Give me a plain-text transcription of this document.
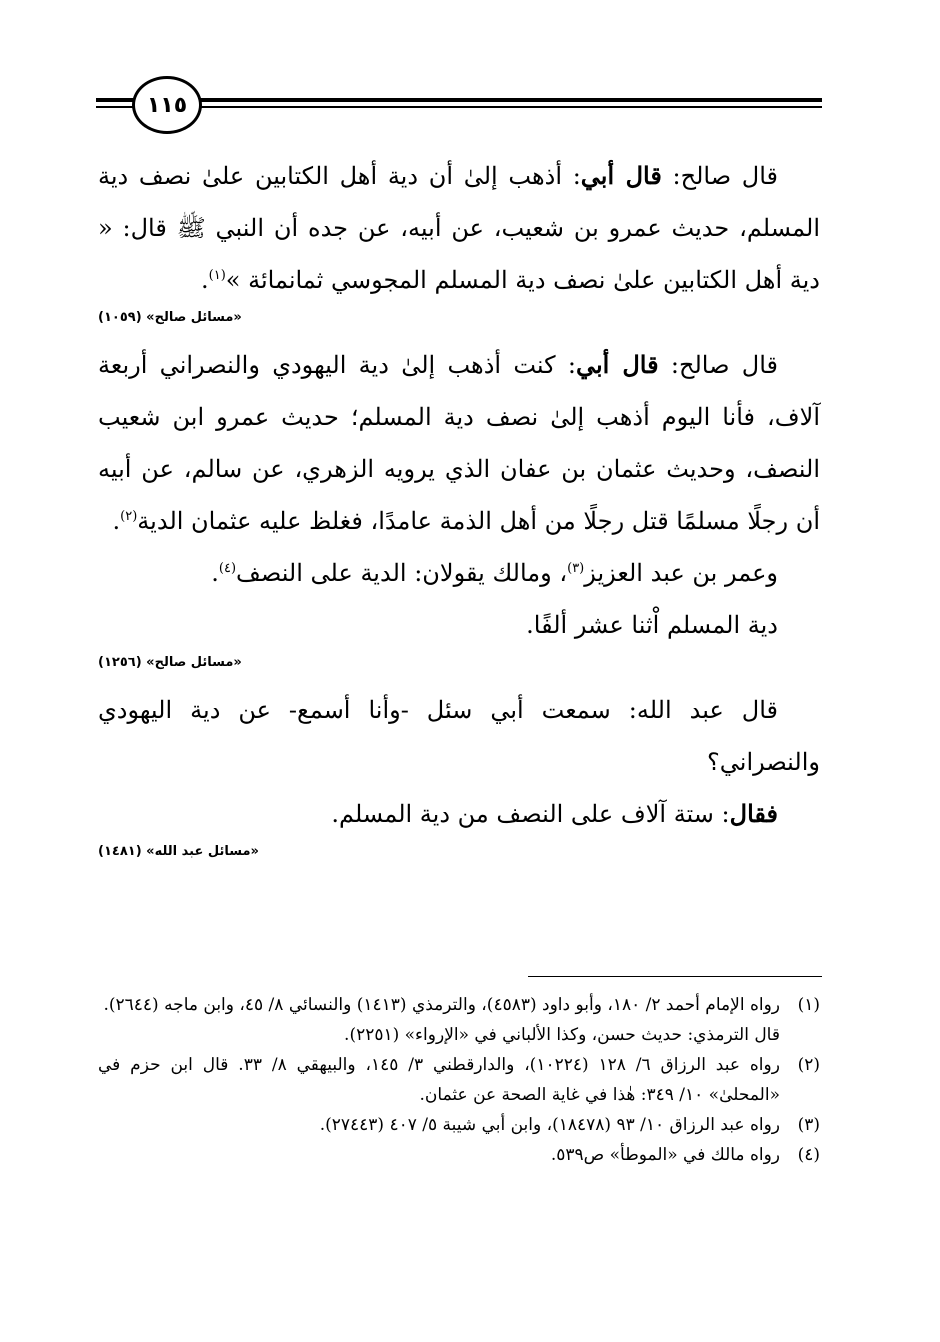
١١٥

قال صالح: قال أبي: أذهب إلىٰ أن دية أهل الكتابين علىٰ نصف دية المسلم، حديث عمرو بن شعيب، عن أبيه، عن جده أن النبي ﷺ قال: « دية أهل الكتابين علىٰ نصف دية المسلم المجوسي ثمانمائة »$^{(١)}$.

«مسائل صالح» (١٠٥٩)

قال صالح: قال أبي: كنت أذهب إلىٰ دية اليهودي والنصراني أربعة آلاف، فأنا اليوم أذهب إلىٰ نصف دية المسلم؛ حديث عمرو ابن شعيب النصف، وحديث عثمان بن عفان الذي يرويه الزهري، عن سالم، عن أبيه أن رجلًا مسلمًا قتل رجلًا من أهل الذمة عامدًا، فغلظ عليه عثمان الدية$^{(٢)}$.

وعمر بن عبد العزيز$^{(٣)}$، ومالك يقولان: الدية على النصف$^{(٤)}$.

دية المسلم اْثنا عشر ألفًا.

«مسائل صالح» (١٢٥٦)

قال عبد الله: سمعت أبي سئل -وأنا أسمع- عن دية اليهودي والنصراني؟

فقال: ستة آلاف على النصف من دية المسلم.

«مسائل عبد الله» (١٤٨١)
(١)
رواه الإمام أحمد ٢/ ١٨٠، وأبو داود (٤٥٨٣)، والترمذي (١٤١٣) والنسائي ٨/ ٤٥، وابن ماجه (٢٦٤٤).
قال الترمذي: حديث حسن، وكذا الألباني في «الإرواء» (٢٢٥١).
(٢)
رواه عبد الرزاق ٦/ ١٢٨ (١٠٢٢٤)، والدارقطني ٣/ ١٤٥، والبيهقي ٨/ ٣٣. قال ابن حزم في «المحلىٰ» ١٠/ ٣٤٩: هٰذا في غاية الصحة عن عثمان.
(٣)
رواه عبد الرزاق ١٠/ ٩٣ (١٨٤٧٨)، وابن أبي شيبة ٥/ ٤٠٧ (٢٧٤٤٣).
(٤)
رواه مالك في «الموطأ» ص٥٣٩.
